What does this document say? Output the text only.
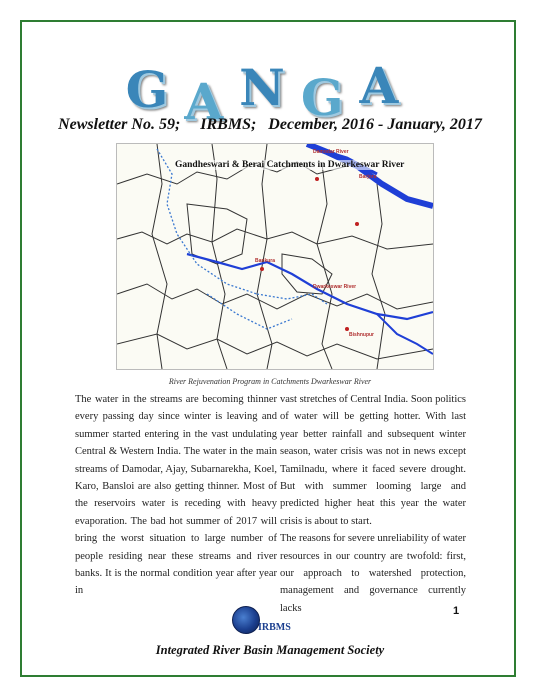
GANGA
Newsletter No. 59;     IRBMS;   December, 2016 - January, 2017
Gandheswari & Berai Catchments in Dwarkeswar River
Damodar River
Dwarkeswar River
Bishnupur
Bankura
Barjora
River Rejuvenation Program in Catchments Dwarkeswar River

The water in the streams are becoming thinner every passing day since winter is leaving and summer started entering in the vast undulating Central & Western India. The water in the main streams of Damodar, Ajay, Subarnarekha, Koel, Karo, Bansloi are also getting thinner. Most of the reservoirs water is receding with heavy evaporation. The bad hot summer of 2017 will bring the worst situation to large number of people residing near these streams and river banks. It is the normal condition year after year in

vast stretches of Central India. Soon politics of water will be getting hotter. With last year better rainfall and subsequent winter season, water crisis was not in news except Tamilnadu, where it faced severe drought. But with summer looming large and predicted higher heat this year the water crisis is about to start.

The reasons for severe unreliability of water resources in our country are twofold: first, our approach to watershed protection, management and governance currently lacks	1
IRBMS
Integrated River Basin Management Society
